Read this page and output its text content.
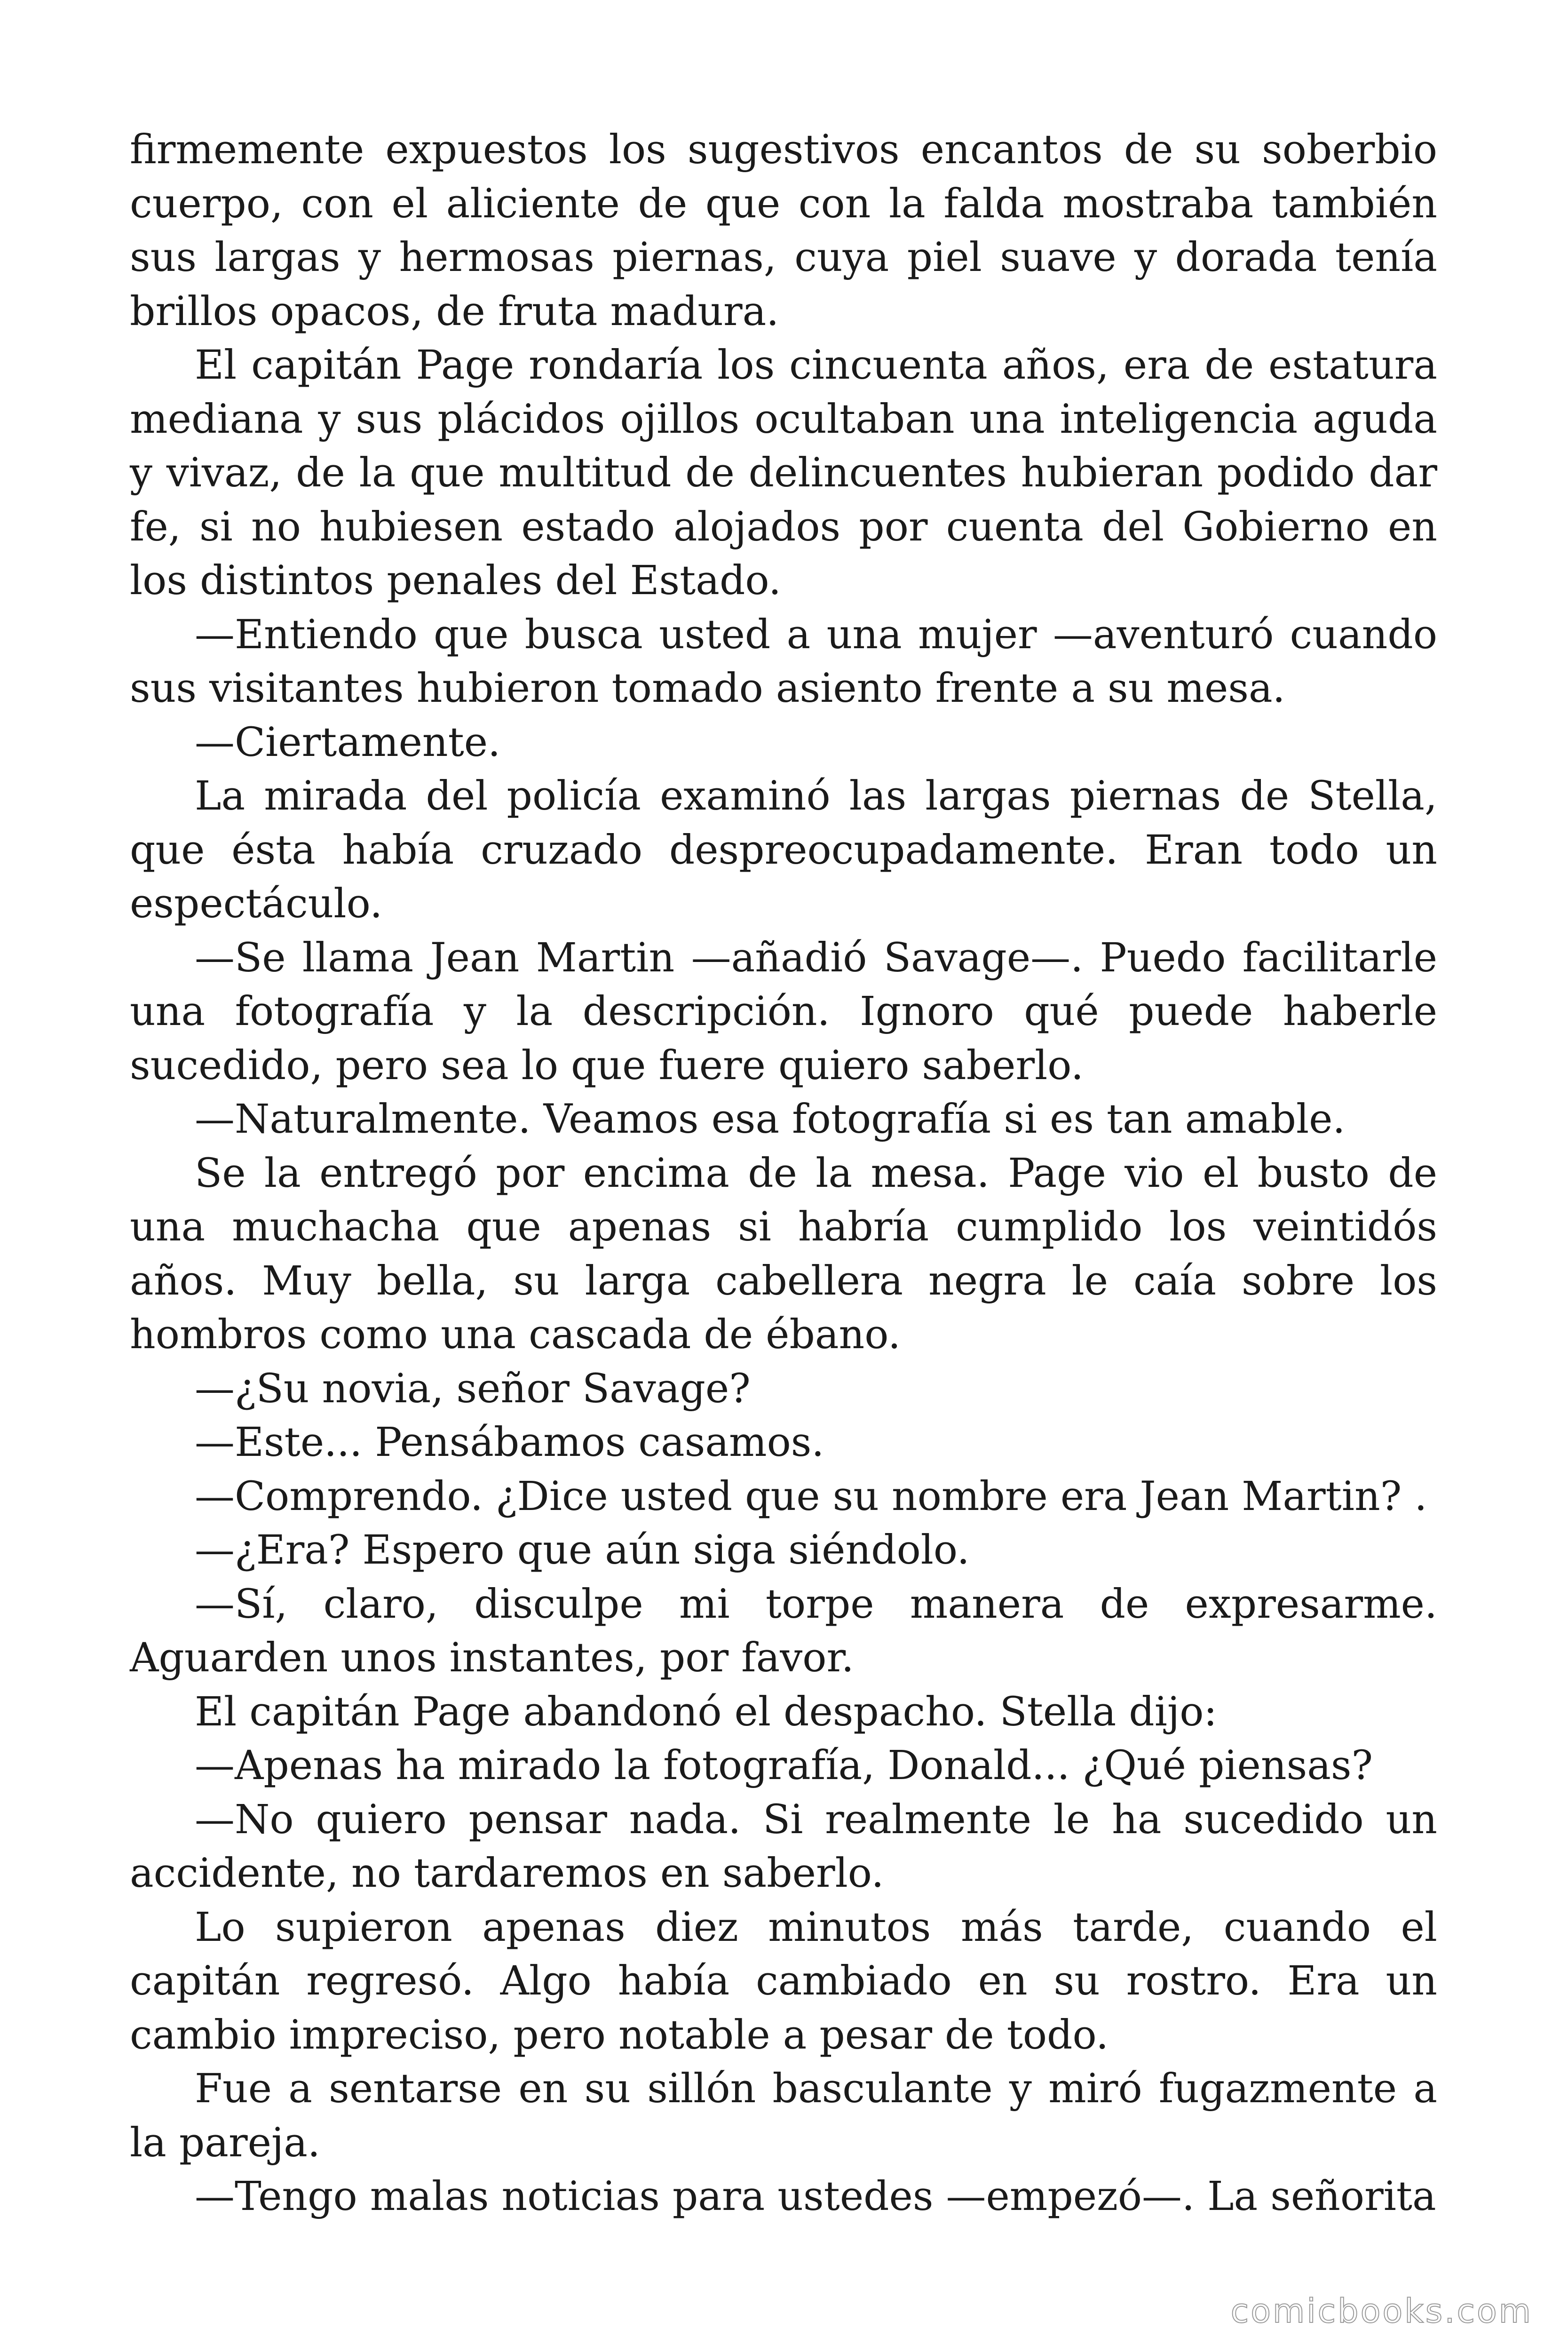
firmemente expuestos los sugestivos encantos de su soberbio cuerpo, con el aliciente de que con la falda mostraba también sus largas y hermosas piernas, cuya piel suave y dorada tenía brillos opacos, de fruta madura.

El capitán Page rondaría los cincuenta años, era de estatura mediana y sus plácidos ojillos ocultaban una inteligencia aguda y vivaz, de la que multitud de delincuentes hubieran podido dar fe, si no hubiesen estado alojados por cuenta del Gobierno en los distintos penales del Estado.

—Entiendo que busca usted a una mujer —aventuró cuando sus visitantes hubieron tomado asiento frente a su mesa.

—Ciertamente.

La mirada del policía examinó las largas piernas de Stella, que ésta había cruzado despreocupadamente. Eran todo un espectáculo.

—Se llama Jean Martin —añadió Savage—. Puedo facilitarle una fotografía y la descripción. Ignoro qué puede haberle sucedido, pero sea lo que fuere quiero saberlo.

—Naturalmente. Veamos esa fotografía si es tan amable.

Se la entregó por encima de la mesa. Page vio el busto de una muchacha que apenas si habría cumplido los veintidós años. Muy bella, su larga cabellera negra le caía sobre los hombros como una cascada de ébano.

—¿Su novia, señor Savage?

—Este... Pensábamos casamos.

—Comprendo. ¿Dice usted que su nombre era Jean Martin? .

—¿Era? Espero que aún siga siéndolo.

—Sí, claro, disculpe mi torpe manera de expresarme. Aguarden unos instantes, por favor.

El capitán Page abandonó el despacho. Stella dijo:

—Apenas ha mirado la fotografía, Donald... ¿Qué piensas?

—No quiero pensar nada. Si realmente le ha sucedido un accidente, no tardaremos en saberlo.

Lo supieron apenas diez minutos más tarde, cuando el capitán regresó. Algo había cambiado en su rostro. Era un cambio impreciso, pero notable a pesar de todo.

Fue a sentarse en su sillón basculante y miró fugazmente a la pareja.

—Tengo malas noticias para ustedes —empezó—. La señorita

comicbooks.com
